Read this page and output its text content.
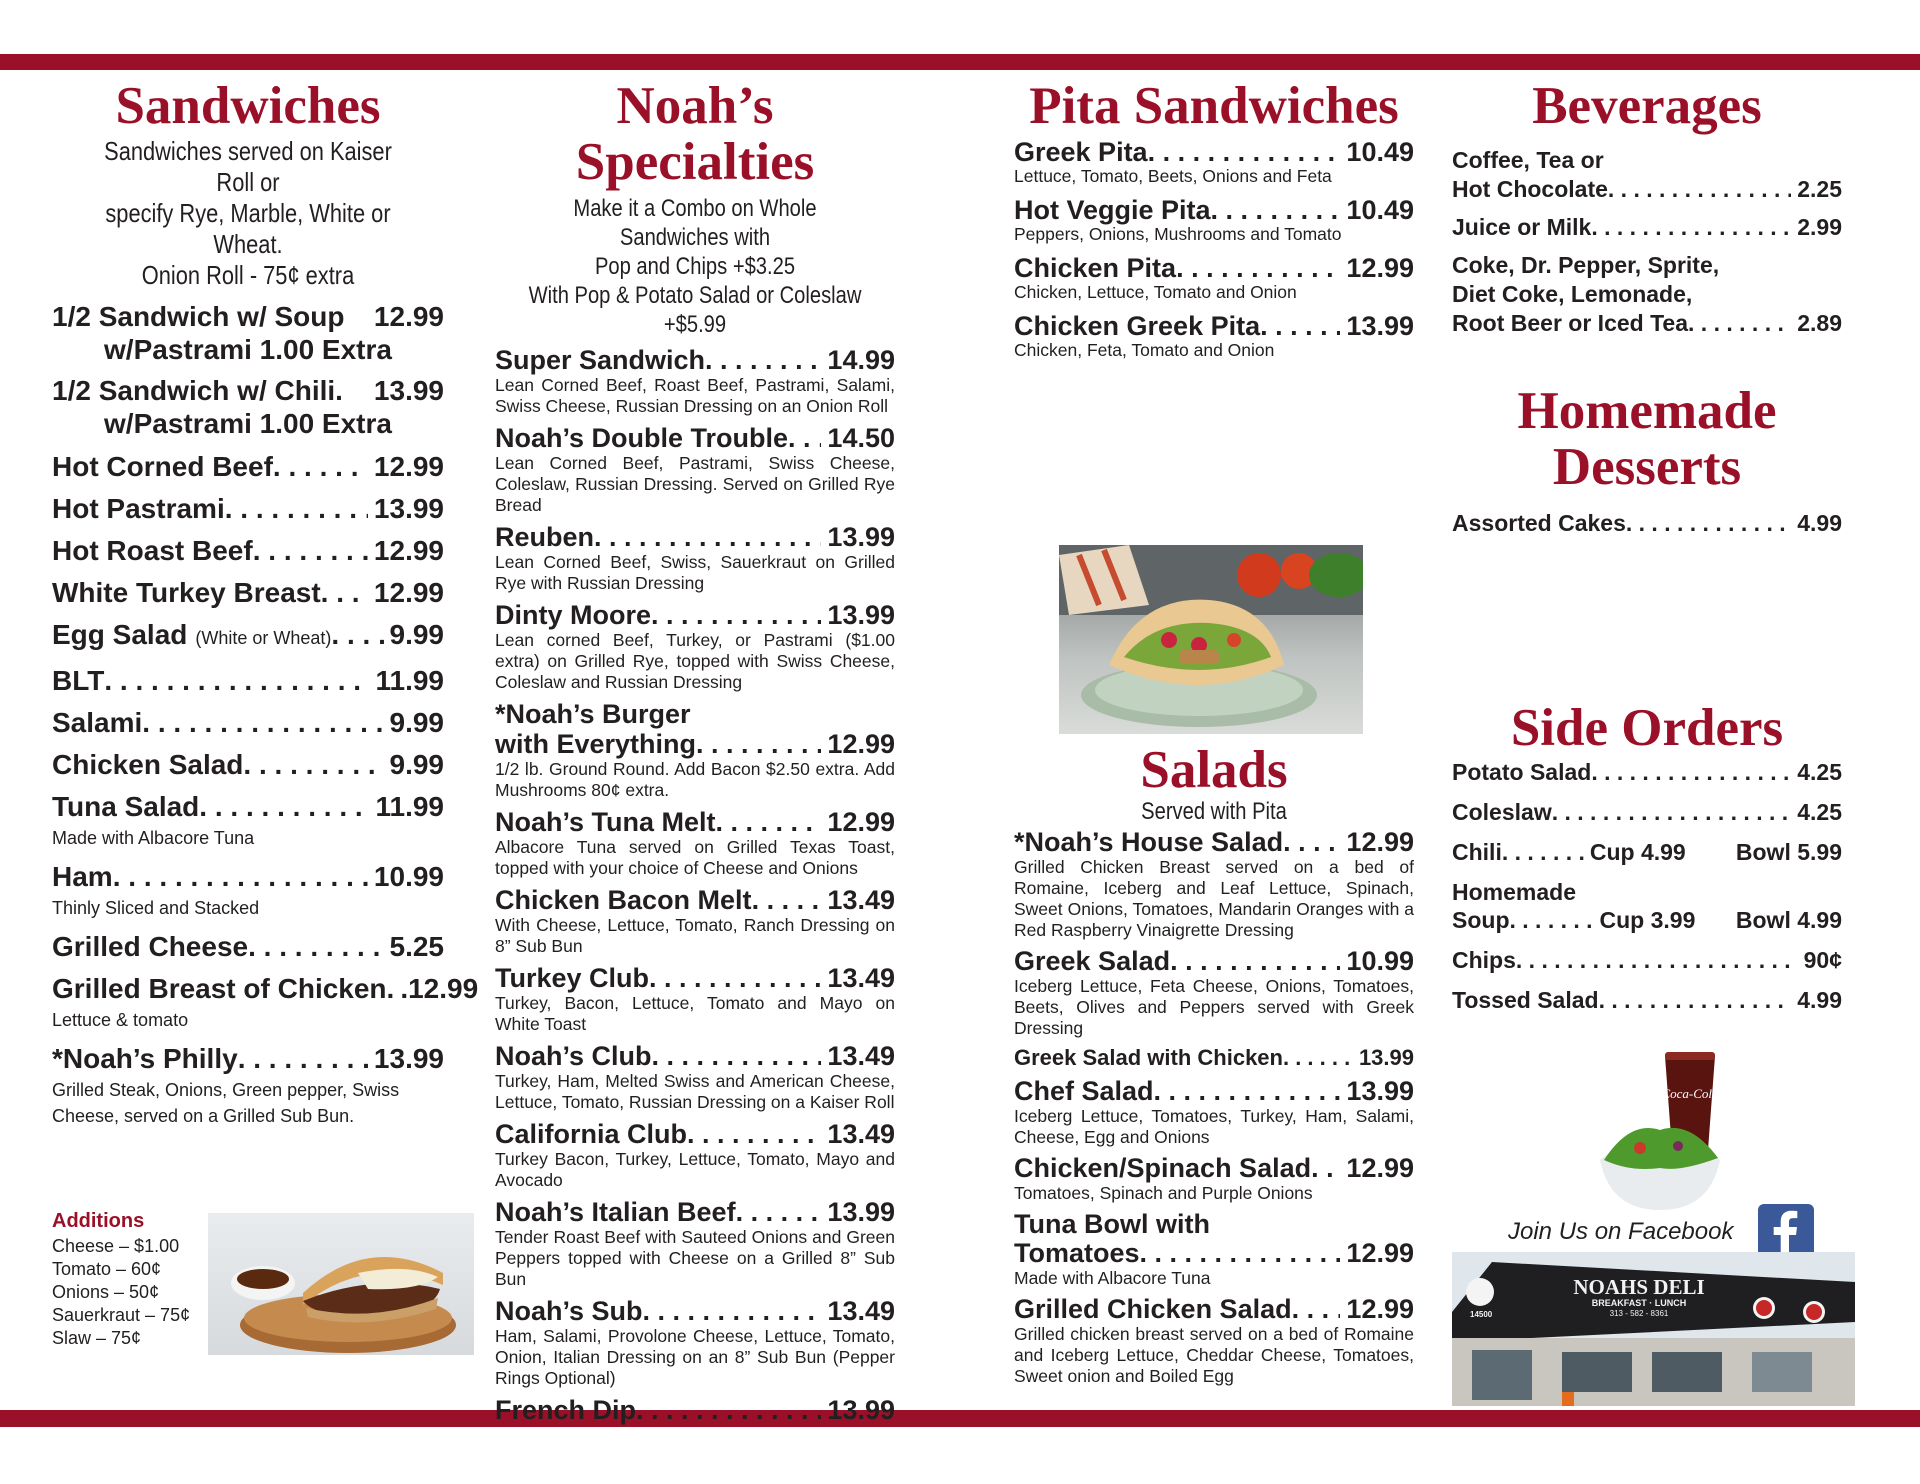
Sandwiches
Sandwiches served on Kaiser Roll or
specify Rye, Marble, White or Wheat.
Onion Roll - 75¢ extra
1/2 Sandwich w/ Soup 12.99
w/Pastrami 1.00 Extra
1/2 Sandwich w/ Chili. 13.99
w/Pastrami 1.00 Extra
Hot Corned Beef . . .	12.99
Hot Pastrami . . .	13.99
Hot Roast Beef . . .	12.99
White Turkey Breast . . . 12.99
Egg Salad (White or Wheat) . . . 9.99
BLT . . .	11.99
Salami . . .	9.99
Chicken Salad . . .	9.99
Tuna Salad . . .	11.99
Made with Albacore Tuna
Ham . . .	10.99
Thinly Sliced and Stacked
Grilled Cheese . . .	5.25
Grilled Breast of Chicken. .12.99
Lettuce & tomato
*Noah’s Philly . . .	13.99
Grilled Steak, Onions, Green pepper, Swiss Cheese, served on a Grilled Sub Bun.
Additions
Cheese – $1.00
Tomato – 60¢
Onions – 50¢
Sauerkraut – 75¢
Slaw – 75¢
Noah’s Specialties
Make it a Combo on Whole Sandwiches with
Pop and Chips +$3.25
With Pop & Potato Salad or Coleslaw +$5.99
Super Sandwich . . .	14.99
Lean Corned Beef, Roast Beef, Pastrami, Salami, Swiss Cheese, Russian Dressing on an Onion Roll
Noah’s Double Trouble . . . 14.50
Lean Corned Beef, Pastrami, Swiss Cheese, Coleslaw, Russian Dressing. Served on Grilled Rye Bread
Reuben . . .	13.99
Lean Corned Beef, Swiss, Sauerkraut on Grilled Rye with Russian Dressing
Dinty Moore . . .	13.99
Lean corned Beef, Turkey, or Pastrami ($1.00 extra) on Grilled Rye, topped with Swiss Cheese, Coleslaw and Russian Dressing
*Noah’s Burger
with Everything . . .	12.99
1/2 lb. Ground Round. Add Bacon $2.50 extra. Add Mushrooms 80¢ extra.
Noah’s Tuna Melt . . .	12.99
Albacore Tuna served on Grilled Texas Toast, topped with your choice of Cheese and Onions
Chicken Bacon Melt . . .	13.49
With Cheese, Lettuce, Tomato, Ranch Dressing on 8” Sub Bun
Turkey Club . . .	13.49
Turkey, Bacon, Lettuce, Tomato and Mayo on White Toast
Noah’s Club . . .	13.49
Turkey, Ham, Melted Swiss and American Cheese, Lettuce, Tomato, Russian Dressing on a Kaiser Roll
California Club . . .	13.49
Turkey Bacon, Turkey, Lettuce, Tomato, Mayo and Avocado
Noah’s Italian Beef . . .	13.99
Tender Roast Beef with Sauteed Onions and Green Peppers topped with Cheese on a Grilled 8” Sub Bun
Noah’s Sub . . .	13.49
Ham, Salami, Provolone Cheese, Lettuce, Tomato, Onion, Italian Dressing on an 8” Sub Bun (Pepper Rings Optional)
French Dip . . .	13.99
Pita Sandwiches
Greek Pita . . .	10.49
Lettuce, Tomato, Beets, Onions and Feta
Hot Veggie Pita . . .	10.49
Peppers, Onions, Mushrooms and Tomato
Chicken Pita . . .	12.99
Chicken, Lettuce, Tomato and Onion
Chicken Greek Pita . . .	13.99
Chicken, Feta, Tomato and Onion
Salads
Served with Pita
*Noah’s House Salad . . . 12.99
Grilled Chicken Breast served on a bed of Romaine, Iceberg and Leaf Lettuce, Spinach, Sweet Onions, Tomatoes, Mandarin Oranges with a Red Raspberry Vinaigrette Dressing
Greek Salad . . .	10.99
Iceberg Lettuce, Feta Cheese, Onions, Tomatoes, Beets, Olives and Peppers served with Greek Dressing
Greek Salad with Chicken . . .	13.99
Chef Salad . . .	13.99
Iceberg Lettuce, Tomatoes, Turkey, Ham, Salami, Cheese, Egg and Onions
Chicken/Spinach Salad . . . 12.99
Tomatoes, Spinach and Purple Onions
Tuna Bowl with
Tomatoes . . .	12.99
Made with Albacore Tuna
Grilled Chicken Salad . . . 12.99
Grilled chicken breast served on a bed of Romaine and Iceberg Lettuce, Cheddar Cheese, Tomatoes, Sweet onion and Boiled Egg
Beverages
Coffee, Tea or
Hot Chocolate . . .	2.25
Juice or Milk . . .	2.99
Coke, Dr. Pepper, Sprite,
Diet Coke, Lemonade,
Root Beer or Iced Tea . . .	2.89
Homemade
Desserts
Assorted Cakes . . .	4.99
Side Orders
Potato Salad . . .	4.25
Coleslaw . . .	4.25
Chili . . .	Cup 4.99 Bowl 5.99
Homemade
Soup . . .	Cup 3.99 Bowl 4.99
Chips . . .	90¢
Tossed Salad . . .	4.99
Coca-Cola
Join Us on Facebook
NOAHS DELI
BREAKFAST · LUNCH
313 - 582 - 8361
14500
